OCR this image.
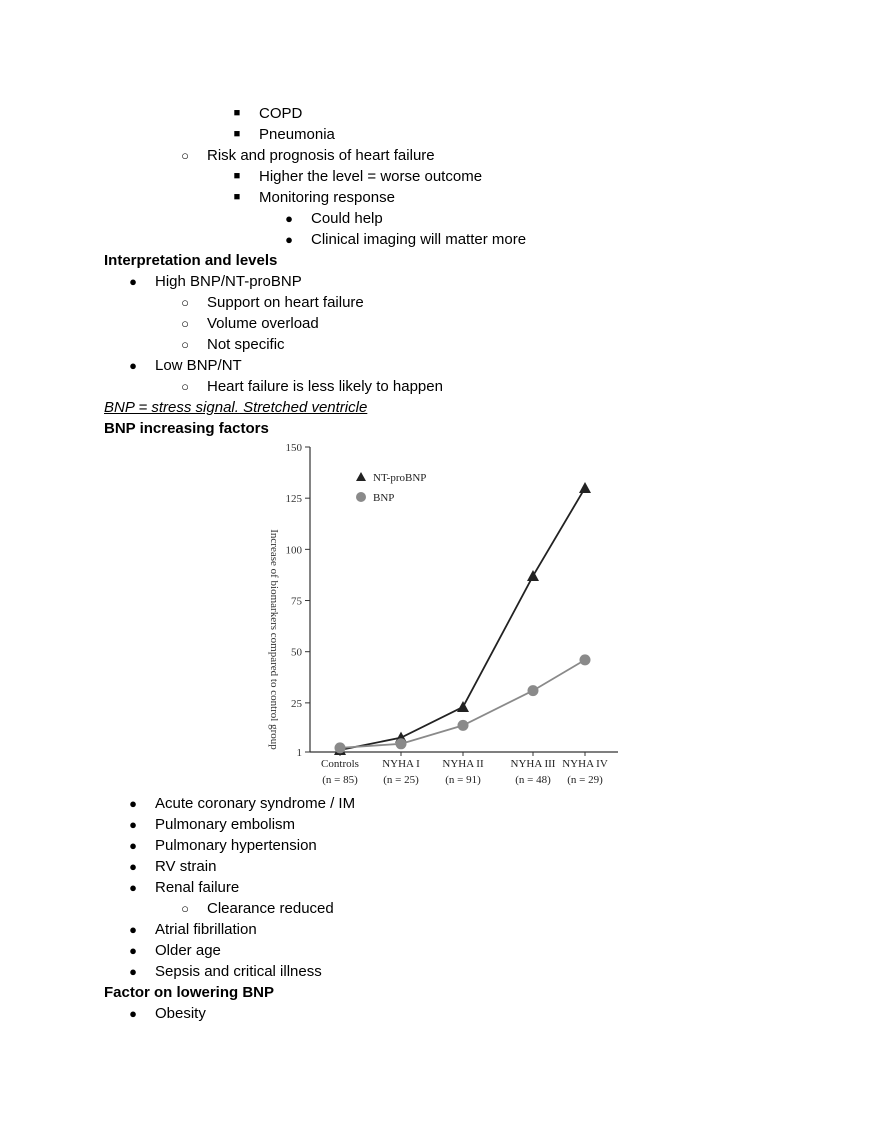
■ COPD
■ Pneumonia
○ Risk and prognosis of heart failure
■ Higher the level = worse outcome
■ Monitoring response
● Could help
● Clinical imaging will matter more
Interpretation and levels
● High BNP/NT-proBNP
○ Support on heart failure
○ Volume overload
○ Not specific
● Low BNP/NT
○ Heart failure is less likely to happen
BNP = stress signal. Stretched ventricle
BNP increasing factors
● Acute coronary syndrome / IM
● Pulmonary embolism
● Pulmonary hypertension
● RV strain
● Renal failure
○ Clearance reduced
● Atrial fibrillation
● Older age
● Sepsis and critical illness
Factor on lowering BNP
● Obesity
1
25
50
75
100
125
150
Controls
(n = 85)
NYHA I
(n = 25)
NYHA II
(n = 91)
NYHA III
(n = 48)
NYHA IV
(n = 29)
Increase of biomarkers compared to control group
NT-proBNP
BNP
